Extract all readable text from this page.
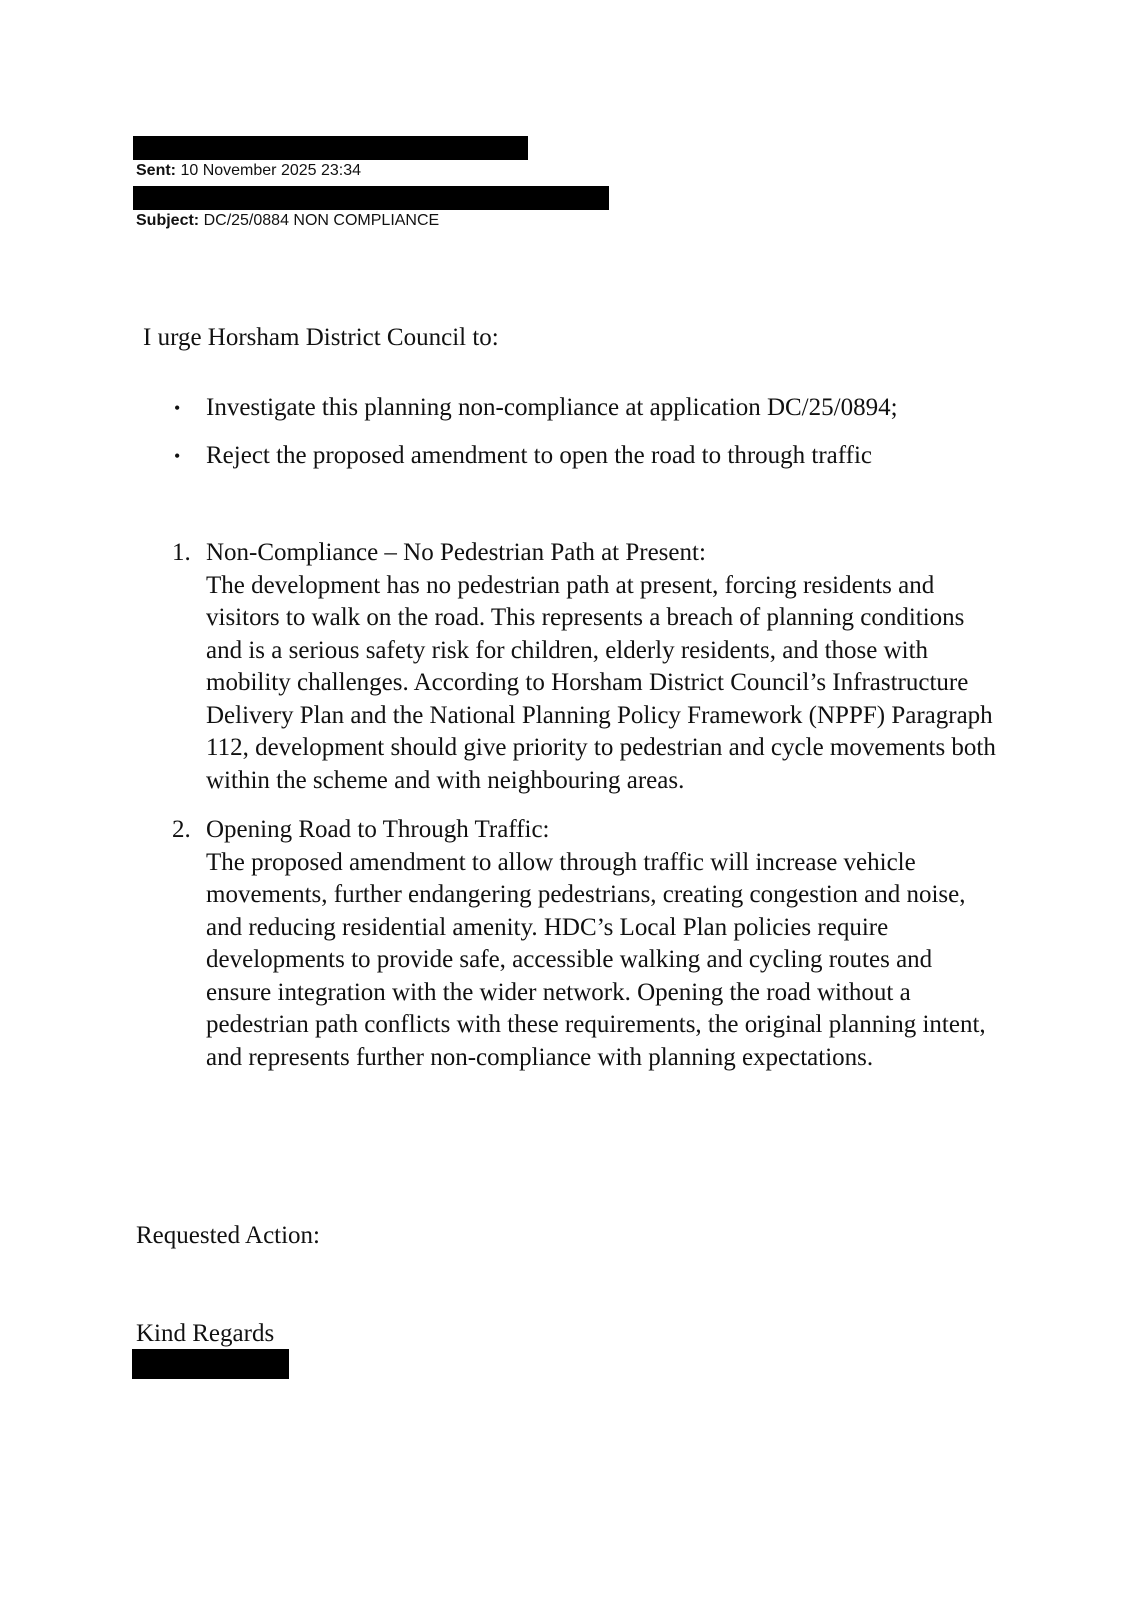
Sent: 10 November 2025 23:34
Subject: DC/25/0884 NON COMPLIANCE
I urge Horsham District Council to:
• Investigate this planning non-compliance at application DC/25/0894;
• Reject the proposed amendment to open the road to through traffic
1. Non-Compliance – No Pedestrian Path at Present:
The development has no pedestrian path at present, forcing residents and visitors to walk on the road. This represents a breach of planning conditions and is a serious safety risk for children, elderly residents, and those with mobility challenges. According to Horsham District Council’s Infrastructure Delivery Plan and the National Planning Policy Framework (NPPF) Paragraph 112, development should give priority to pedestrian and cycle movements both within the scheme and with neighbouring areas.
2. Opening Road to Through Traffic:
The proposed amendment to allow through traffic will increase vehicle movements, further endangering pedestrians, creating congestion and noise, and reducing residential amenity. HDC’s Local Plan policies require developments to provide safe, accessible walking and cycling routes and ensure integration with the wider network. Opening the road without a pedestrian path conflicts with these requirements, the original planning intent, and represents further non-compliance with planning expectations.
Requested Action:
Kind Regards
